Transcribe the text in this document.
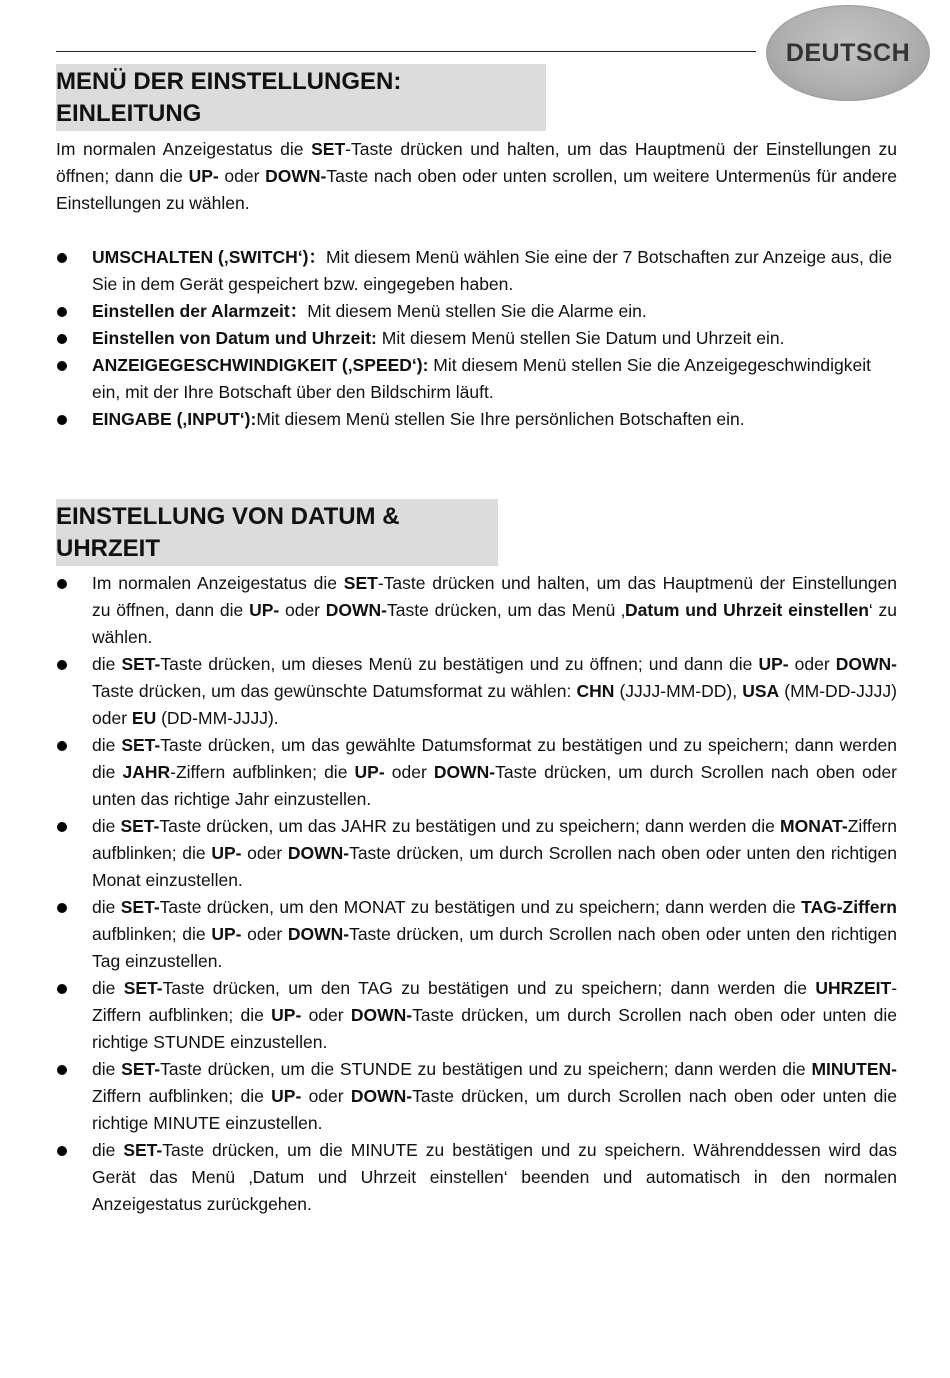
DEUTSCH
MENÜ DER EINSTELLUNGEN: EINLEITUNG

Im normalen Anzeigestatus die SET-Taste drücken und halten, um das Hauptmenü der Einstellungen zu öffnen; dann die UP- oder DOWN-Taste nach oben oder unten scrollen, um weitere Untermenüs für andere Einstellungen zu wählen.

UMSCHALTEN (‚SWITCH‘)：Mit diesem Menü wählen Sie eine der 7 Botschaften zur Anzeige aus, die Sie in dem Gerät gespeichert bzw. eingegeben haben.
Einstellen der Alarmzeit：Mit diesem Menü stellen Sie die Alarme ein.
Einstellen von Datum und Uhrzeit: Mit diesem Menü stellen Sie Datum und Uhrzeit ein.
ANZEIGEGESCHWINDIGKEIT (‚SPEED‘): Mit diesem Menü stellen Sie die Anzeigegeschwindigkeit ein, mit der Ihre Botschaft über den Bildschirm läuft.
EINGABE (‚INPUT‘):Mit diesem Menü stellen Sie Ihre persönlichen Botschaften ein.
EINSTELLUNG VON DATUM & UHRZEIT
Im normalen Anzeigestatus die SET-Taste drücken und halten, um das Hauptmenü der Einstellungen zu öffnen, dann die UP- oder DOWN-Taste drücken, um das Menü ‚Datum und Uhrzeit einstellen‘ zu wählen.
die SET-Taste drücken, um dieses Menü zu bestätigen und zu öffnen; und dann die UP- oder DOWN-Taste drücken, um das gewünschte Datumsformat zu wählen: CHN (JJJJ-MM-DD), USA (MM-DD-JJJJ) oder EU (DD-MM-JJJJ).
die SET-Taste drücken, um das gewählte Datumsformat zu bestätigen und zu speichern; dann werden die JAHR-Ziffern aufblinken; die UP- oder DOWN-Taste drücken, um durch Scrollen nach oben oder unten das richtige Jahr einzustellen.
die SET-Taste drücken, um das JAHR zu bestätigen und zu speichern; dann werden die MONAT-Ziffern aufblinken; die UP- oder DOWN-Taste drücken, um durch Scrollen nach oben oder unten den richtigen Monat einzustellen.
die SET-Taste drücken, um den MONAT zu bestätigen und zu speichern; dann werden die TAG-Ziffern aufblinken; die UP- oder DOWN-Taste drücken, um durch Scrollen nach oben oder unten den richtigen Tag einzustellen.
die SET-Taste drücken, um den TAG zu bestätigen und zu speichern; dann werden die UHRZEIT-Ziffern aufblinken; die UP- oder DOWN-Taste drücken, um durch Scrollen nach oben oder unten die richtige STUNDE einzustellen.
die SET-Taste drücken, um die STUNDE zu bestätigen und zu speichern; dann werden die MINUTEN-Ziffern aufblinken; die UP- oder DOWN-Taste drücken, um durch Scrollen nach oben oder unten die richtige MINUTE einzustellen.
die SET-Taste drücken, um die MINUTE zu bestätigen und zu speichern. Währenddessen wird das Gerät das Menü ‚Datum und Uhrzeit einstellen‘ beenden und automatisch in den normalen Anzeigestatus zurückgehen.
